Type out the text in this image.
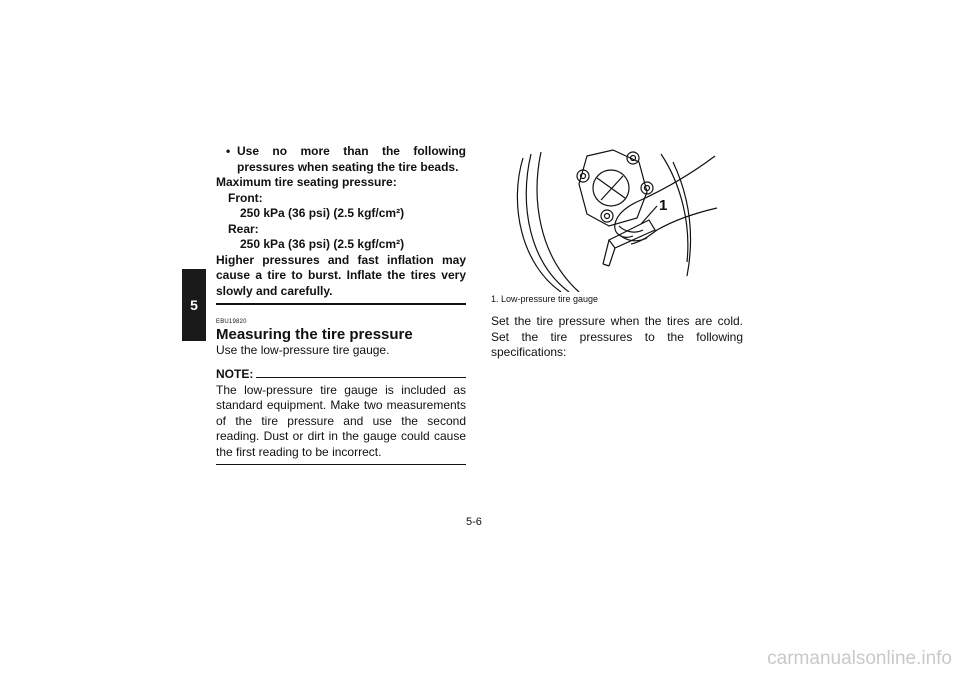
5
• Use no more than the following pressures when seating the tire beads.
Maximum tire seating pressure:
Front:
250 kPa (36 psi) (2.5 kgf/cm²)
Rear:
250 kPa (36 psi) (2.5 kgf/cm²)
Higher pressures and fast inflation may cause a tire to burst. Inflate the tires very slowly and carefully.
EBU19820
Measuring the tire pressure
Use the low-pressure tire gauge.
NOTE:
The low-pressure tire gauge is included as standard equipment. Make two measurements of the tire pressure and use the second reading. Dust or dirt in the gauge could cause the first reading to be incorrect.
1
1. Low-pressure tire gauge
Set the tire pressure when the tires are cold. Set the tire pressures to the following specifications:
5-6
carmanualsonline.info
